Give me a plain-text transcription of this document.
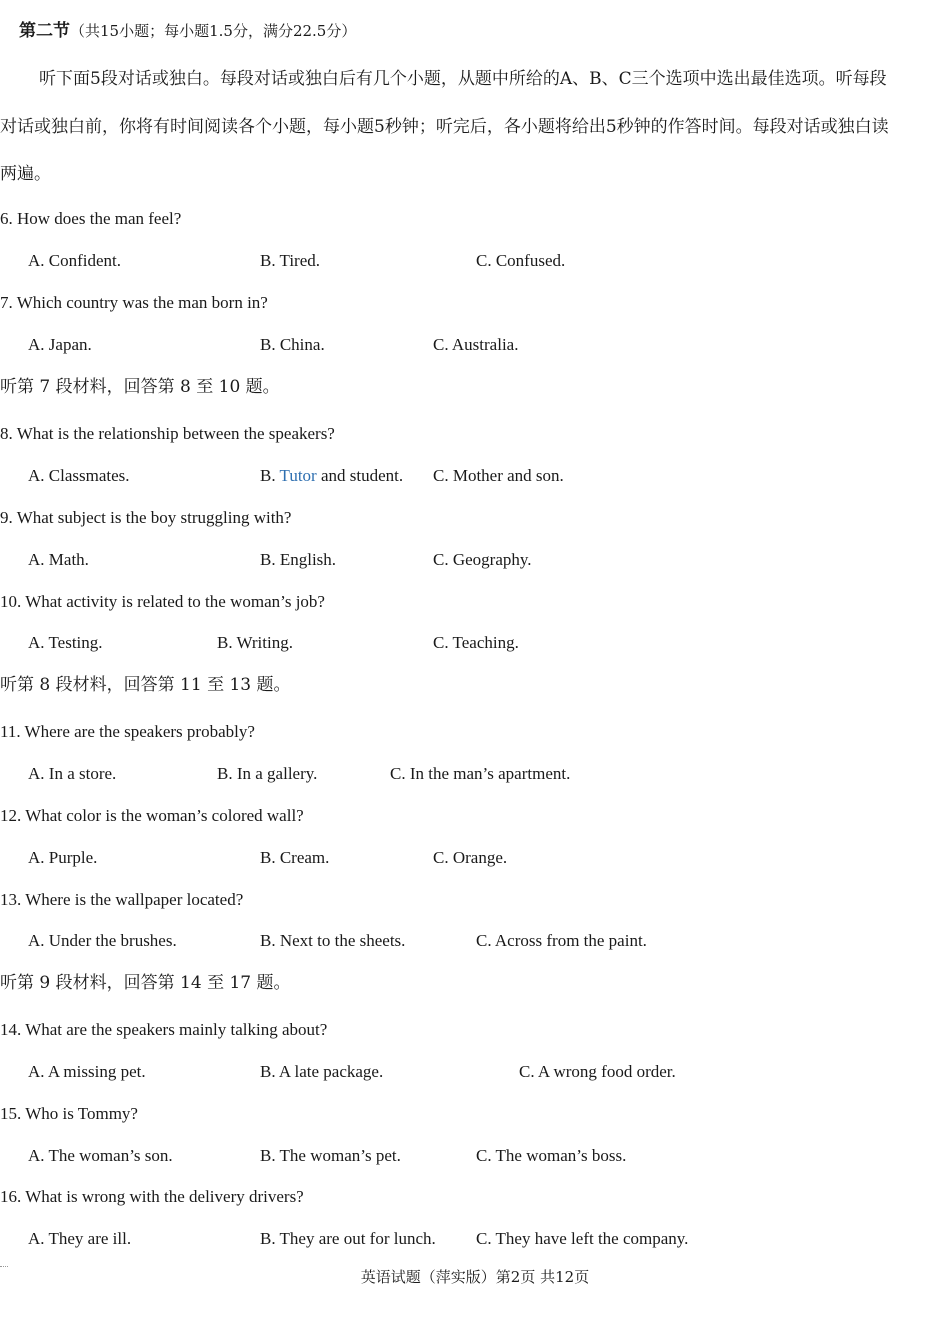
第二节（共15小题；每小题1.5分，满分22.5分）
听下面5段对话或独白。每段对话或独白后有几个小题，从题中所给的A、B、C三个选项中选出最佳选项。听每段
对话或独白前，你将有时间阅读各个小题，每小题5秒钟；听完后，各小题将给出5秒钟的作答时间。每段对话或独白读
两遍。
6. How does the man feel?
A. Confident.	B. Tired.	C. Confused.
7. Which country was the man born in?
A. Japan.	B. China.	C. Australia.
听第 7 段材料，回答第 8 至 10 题。
8. What is the relationship between the speakers?
A. Classmates.	B. Tutor and student. C. Mother and son.
9. What subject is the boy struggling with?
A. Math.	B. English.	C. Geography.
10. What activity is related to the woman’s job?
A. Testing.	B. Writing.	C. Teaching.
听第 8 段材料，回答第 11 至 13 题。
11. Where are the speakers probably?
A. In a store.	B. In a gallery.	C. In the man’s apartment.
12. What color is the woman’s colored wall?
A. Purple.	B. Cream.	C. Orange.
13. Where is the wallpaper located?
A. Under the brushes.	B. Next to the sheets.	C. Across from the paint.
听第 9 段材料，回答第 14 至 17 题。
14. What are the speakers mainly talking about?
A. A missing pet.	B. A late package.	C. A wrong food order.
15. Who is Tommy?
A. The woman’s son.	B. The woman’s pet.	C. The woman’s boss.
16. What is wrong with the delivery drivers?
A. They are ill.	B. They are out for lunch. C. They have left the company.
英语试题（萍实版）第2页 共12页
